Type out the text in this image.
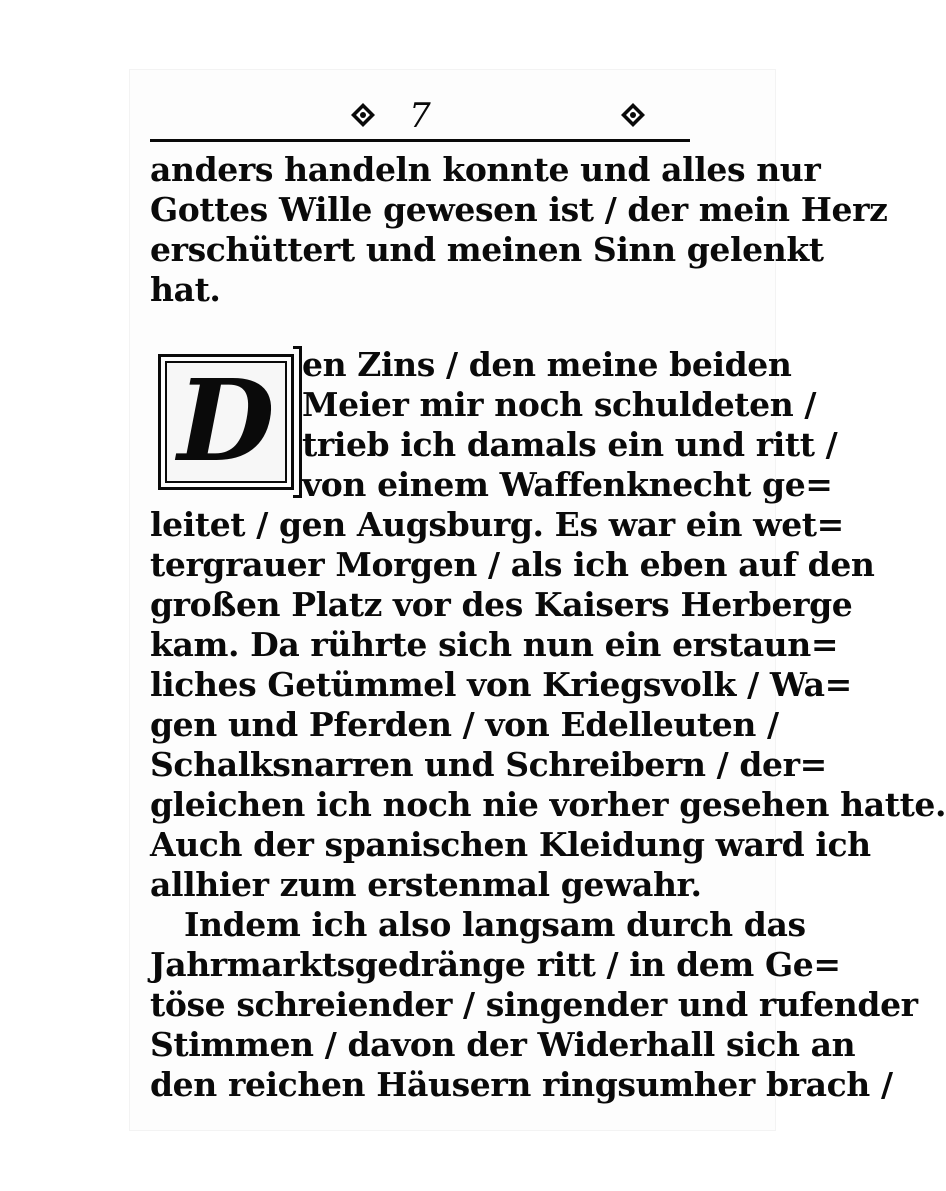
7
anders handeln konnte und alles nur
Gottes Wille gewesen ist / der mein Herz
erschüttert und meinen Sinn gelenkt
hat.
D en Zins / den meine beiden
Meier mir noch schuldeten /
trieb ich damals ein und ritt /
von einem Waffenknecht ge=
leitet / gen Augsburg. Es war ein wet=
tergrauer Morgen / als ich eben auf den
großen Platz vor des Kaisers Herberge
kam. Da rührte sich nun ein erstaun=
liches Getümmel von Kriegsvolk / Wa=
gen und Pferden / von Edelleuten /
Schalksnarren und Schreibern / der=
gleichen ich noch nie vorher gesehen hatte.
Auch der spanischen Kleidung ward ich
allhier zum erstenmal gewahr.
Indem ich also langsam durch das
Jahrmarktsgedränge ritt / in dem Ge=
töse schreiender / singender und rufender
Stimmen / davon der Widerhall sich an
den reichen Häusern ringsumher brach /
